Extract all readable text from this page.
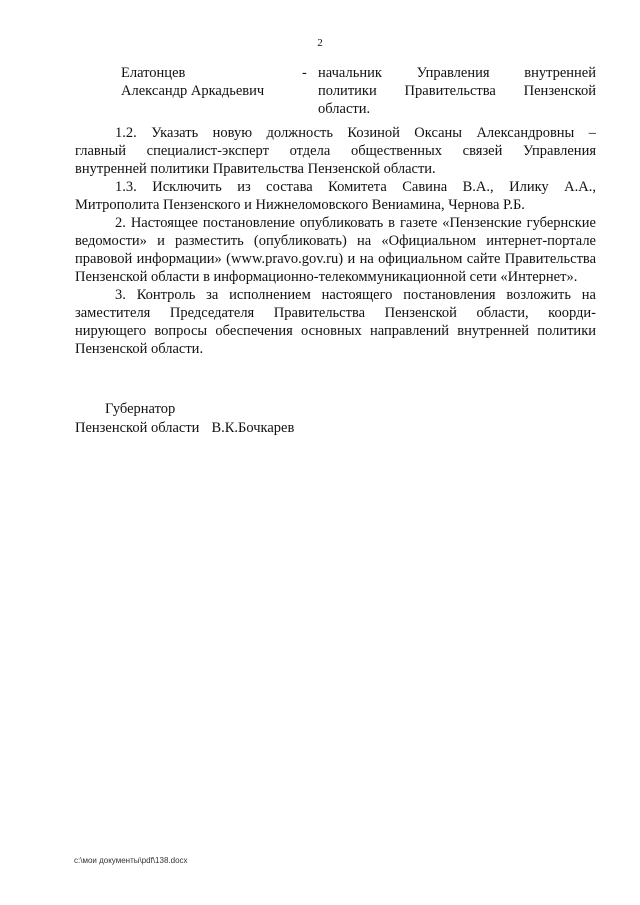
2
Елатонцев
Александр Аркадьевич
- начальник Управления внутренней
политики Правительства Пензенской
области.
1.2. Указать новую должность Козиной Оксаны Александровны –
главный специалист-эксперт отдела общественных связей Управления
внутренней политики Правительства Пензенской области.
1.3. Исключить из состава Комитета Савина В.А., Илику А.А.,
Митрополита Пензенского и Нижнеломовского Вениамина, Чернова Р.Б.
2. Настоящее постановление опубликовать в газете «Пензенские губернские
ведомости» и разместить (опубликовать) на «Официальном интернет-портале
правовой информации» (www.pravo.gov.ru) и на официальном сайте Правительства
Пензенской области в информационно-телекоммуникационной сети «Интернет».
3. Контроль за исполнением настоящего постановления возложить на
заместителя Председателя Правительства Пензенской области, коорди-
нирующего вопросы обеспечения основных направлений внутренней политики
Пензенской области.
Губернатор
Пензенской области В.К.Бочкарев
c:\мои документы\pdf\138.docx
